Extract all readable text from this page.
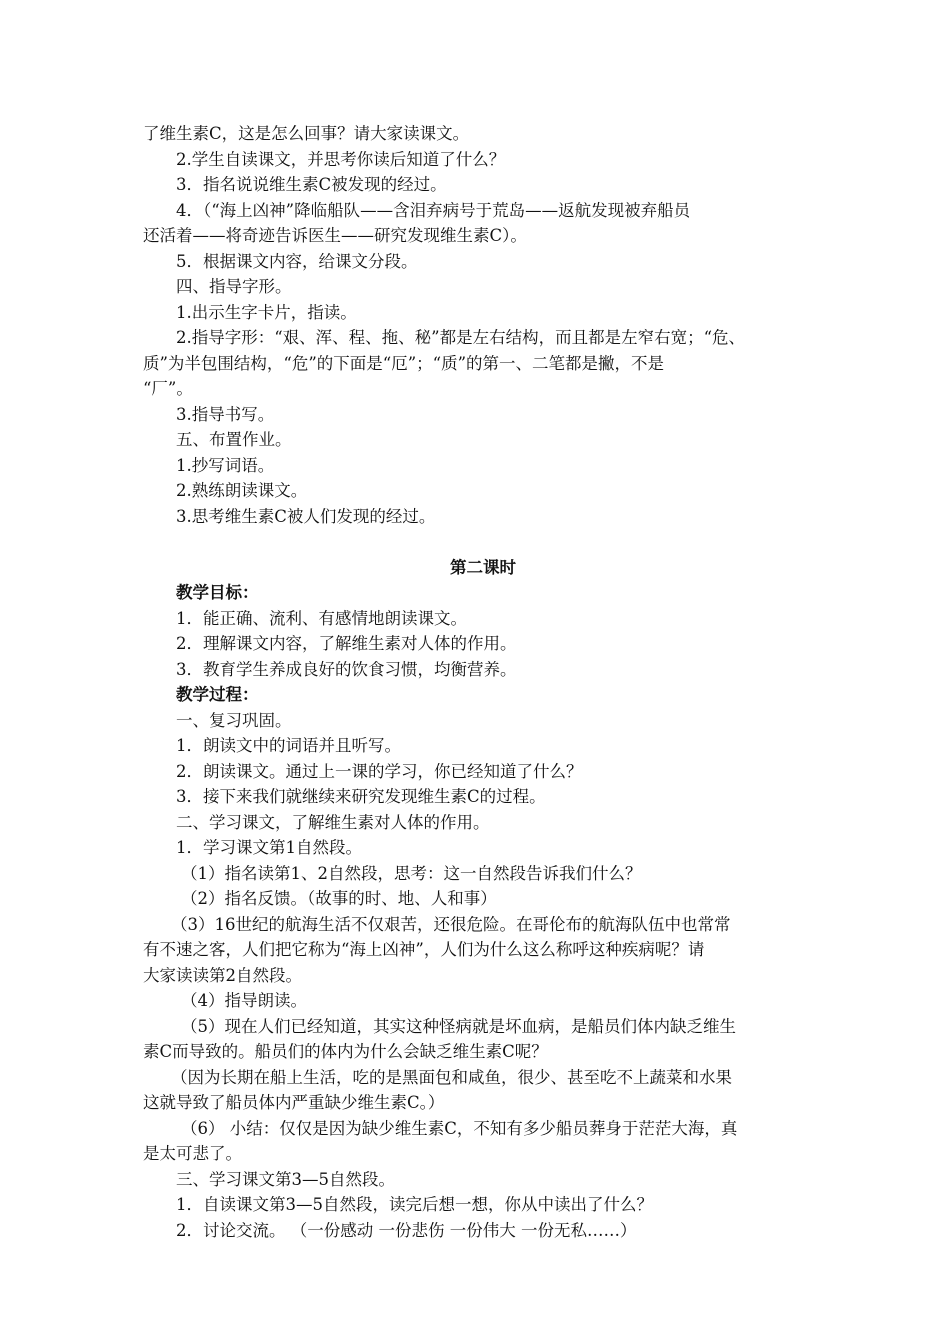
了维生素C，这是怎么回事？请大家读课文。
2.学生自读课文，并思考你读后知道了什么？
3．指名说说维生素C被发现的经过。
4．（“海上凶神”降临船队——含泪弃病号于荒岛——返航发现被弃船员
还活着——将奇迹告诉医生——研究发现维生素C）。
5．根据课文内容，给课文分段。
四、指导字形。
1.出示生字卡片，指读。
2.指导字形：“艰、浑、程、拖、秘”都是左右结构，而且都是左窄右宽；“危、
质”为半包围结构，“危”的下面是“厄”；“质”的第一、二笔都是撇，不是
“厂”。
3.指导书写。
五、布置作业。
1.抄写词语。
2.熟练朗读课文。
3.思考维生素C被人们发现的经过。
第二课时
教学目标：
1．能正确、流利、有感情地朗读课文。
2．理解课文内容，了解维生素对人体的作用。
3．教育学生养成良好的饮食习惯，均衡营养。
教学过程：
一、复习巩固。
1．朗读文中的词语并且听写。
2．朗读课文。通过上一课的学习，你已经知道了什么？
3．接下来我们就继续来研究发现维生素C的过程。
二、学习课文，了解维生素对人体的作用。
1．学习课文第1自然段。
（1）指名读第1、2自然段，思考：这一自然段告诉我们什么？
（2）指名反馈。（故事的时、地、人和事）
（3）16世纪的航海生活不仅艰苦，还很危险。在哥伦布的航海队伍中也常常
有不速之客，人们把它称为“海上凶神”，人们为什么这么称呼这种疾病呢？请
大家读读第2自然段。
（4）指导朗读。
（5）现在人们已经知道，其实这种怪病就是坏血病，是船员们体内缺乏维生
素C而导致的。船员们的体内为什么会缺乏维生素C呢？
（因为长期在船上生活，吃的是黑面包和咸鱼，很少、甚至吃不上蔬菜和水果
这就导致了船员体内严重缺少维生素C。）
（6） 小结：仅仅是因为缺少维生素C，不知有多少船员葬身于茫茫大海，真
是太可悲了。
三、学习课文第3—5自然段。
1．自读课文第3—5自然段，读完后想一想，你从中读出了什么？
2．讨论交流。 （一份感动 一份悲伤 一份伟大 一份无私……）
